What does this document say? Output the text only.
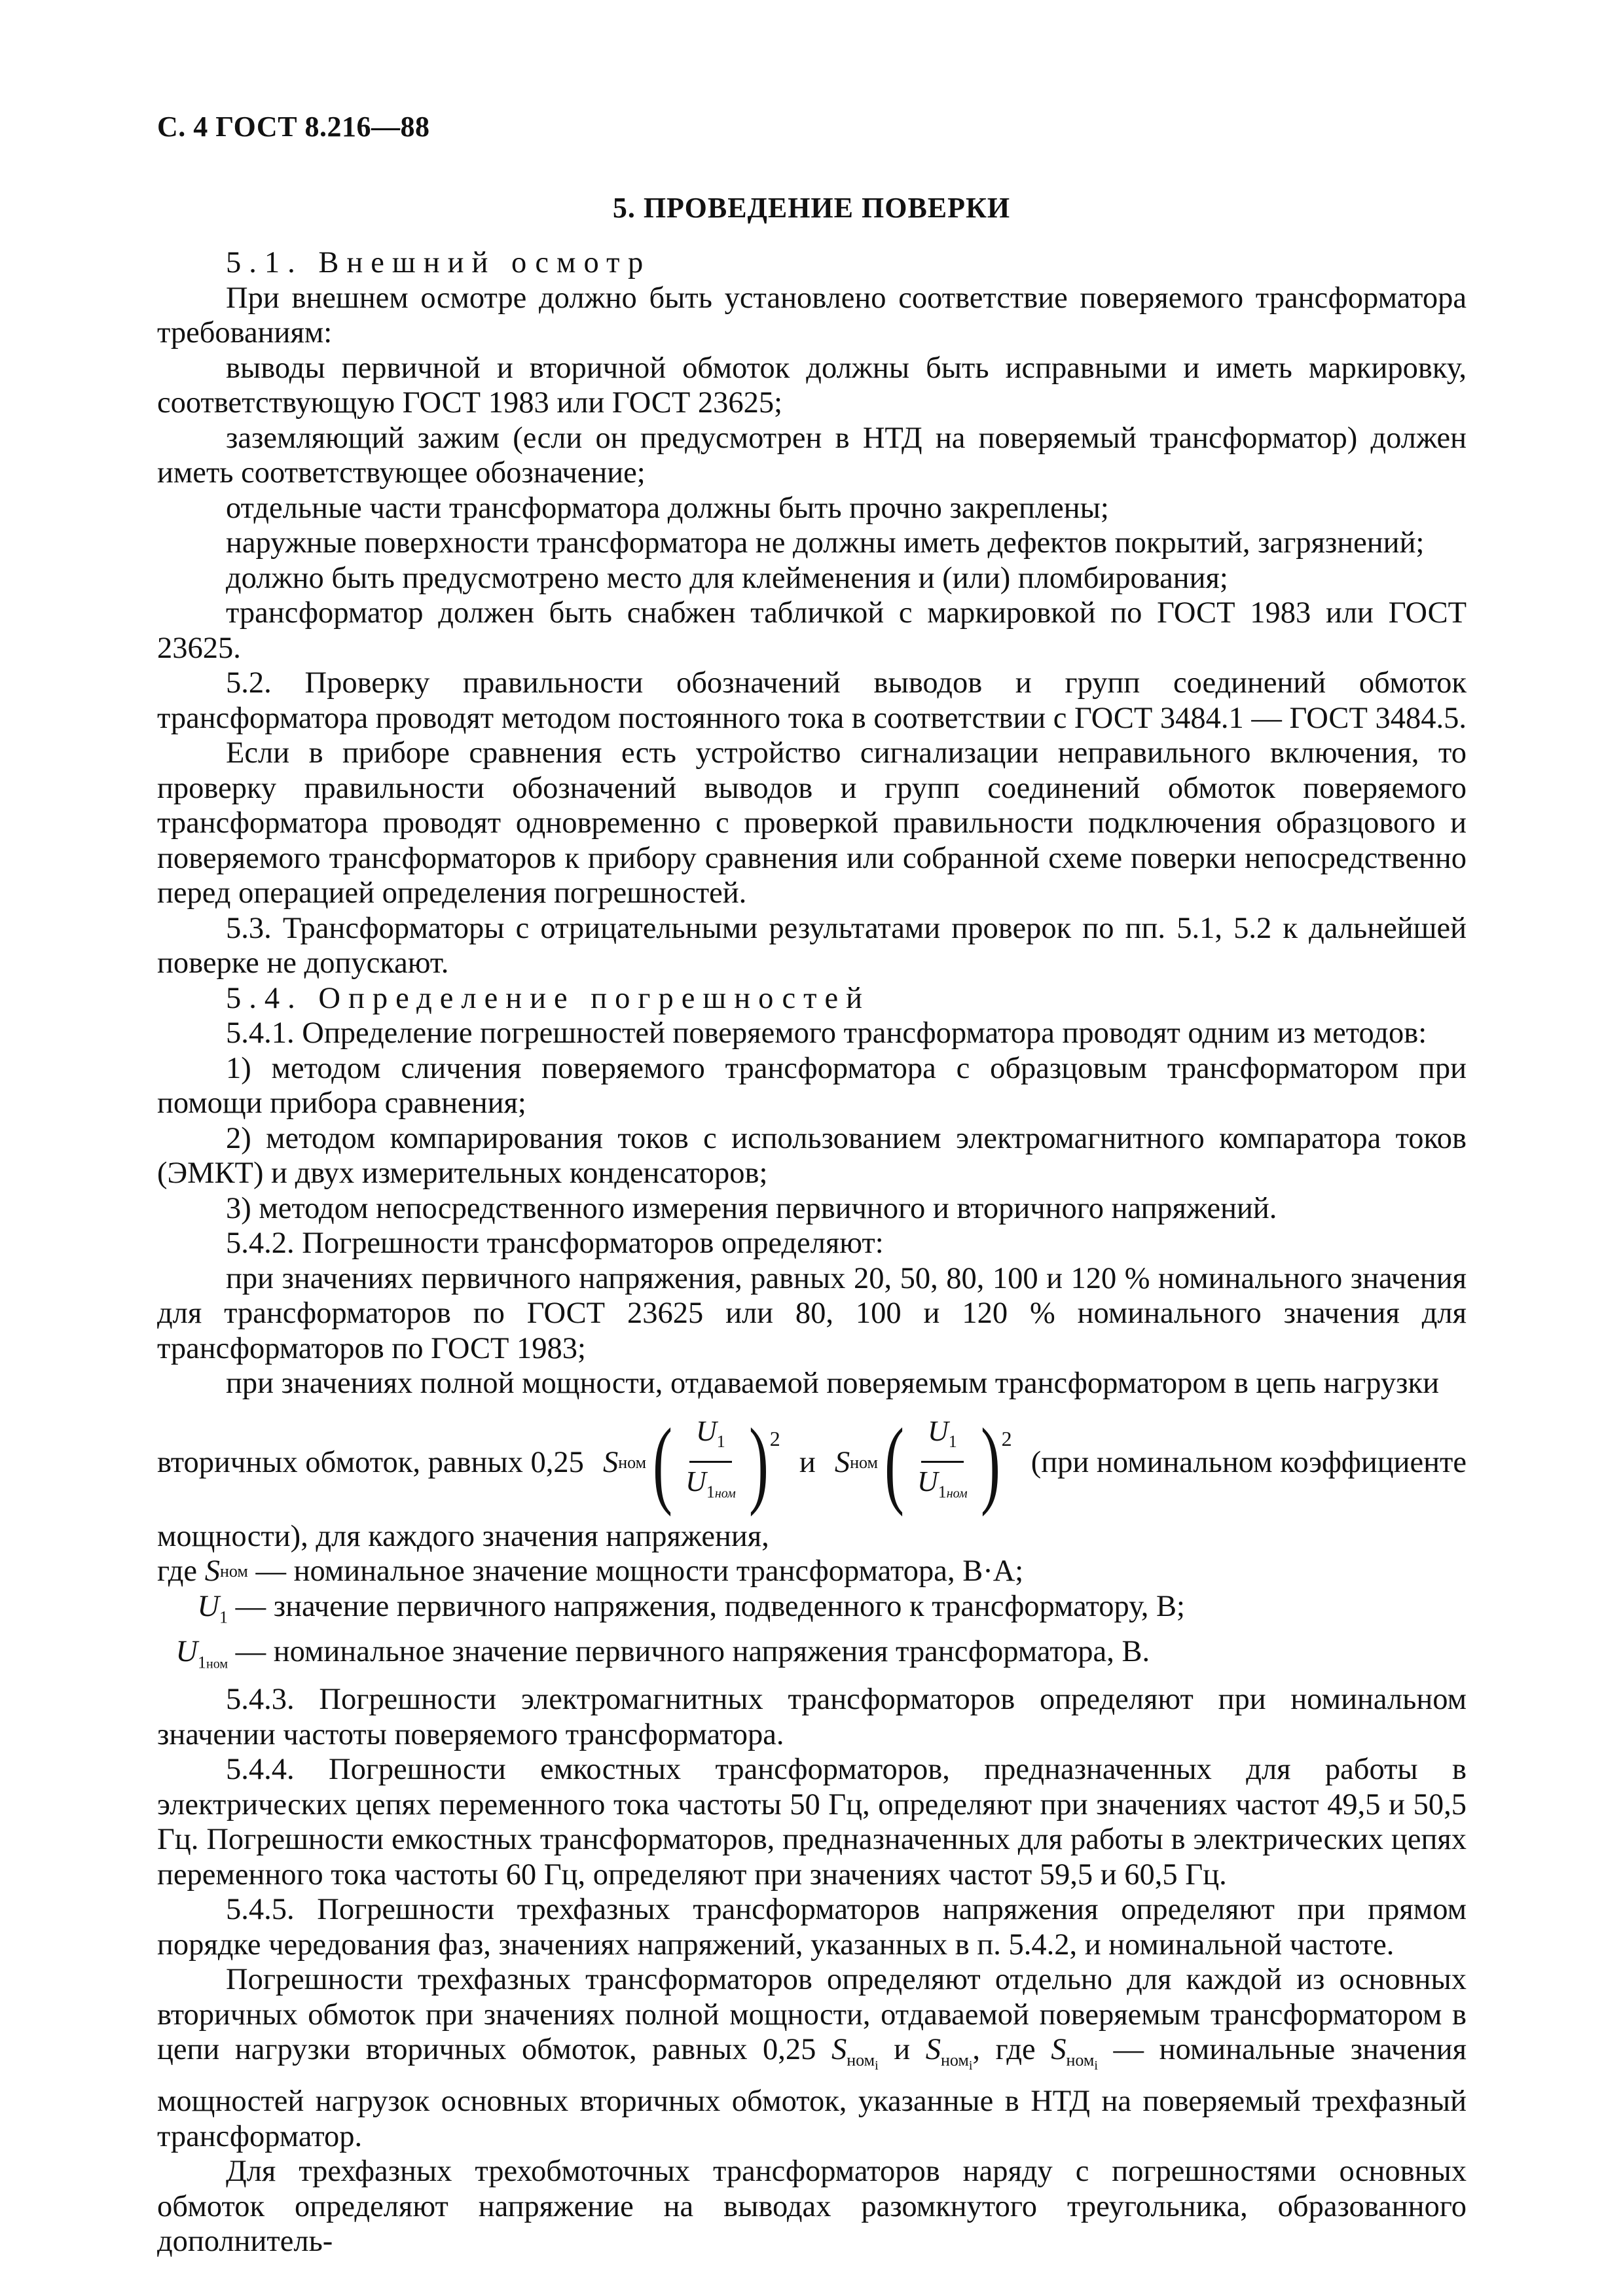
С. 4 ГОСТ 8.216—88
5. ПРОВЕДЕНИЕ ПОВЕРКИ

5.1. Внешний осмотр

При внешнем осмотре должно быть установлено соответствие поверяемого трансформатора требованиям:

выводы первичной и вторичной обмоток должны быть исправными и иметь маркировку, соответствующую ГОСТ 1983 или ГОСТ 23625;

заземляющий зажим (если он предусмотрен в НТД на поверяемый трансформатор) должен иметь соответствующее обозначение;

отдельные части трансформатора должны быть прочно закреплены;

наружные поверхности трансформатора не должны иметь дефектов покрытий, загрязнений;

должно быть предусмотрено место для клейменения и (или) пломбирования;

трансформатор должен быть снабжен табличкой с маркировкой по ГОСТ 1983 или ГОСТ 23625.

5.2. Проверку правильности обозначений выводов и групп соединений обмоток трансформатора проводят методом постоянного тока в соответствии с ГОСТ 3484.1 — ГОСТ 3484.5.

Если в приборе сравнения есть устройство сигнализации неправильного включения, то проверку правильности обозначений выводов и групп соединений обмоток поверяемого трансформатора проводят одновременно с проверкой правильности подключения образцового и поверяемого трансформаторов к прибору сравнения или собранной схеме поверки непосредственно перед операцией определения погрешностей.

5.3. Трансформаторы с отрицательными результатами проверок по пп. 5.1, 5.2 к дальнейшей поверке не допускают.

5.4. Определение погрешностей

5.4.1. Определение погрешностей поверяемого трансформатора проводят одним из методов:

1) методом сличения поверяемого трансформатора с образцовым трансформатором при помощи прибора сравнения;

2) методом компарирования токов с использованием электромагнитного компаратора токов (ЭМКТ) и двух измерительных конденсаторов;

3) методом непосредственного измерения первичного и вторичного напряжений.

5.4.2. Погрешности трансформаторов определяют:

при значениях первичного напряжения, равных 20, 50, 80, 100 и 120 % номинального значения для трансформаторов по ГОСТ 23625 или 80, 100 и 120 % номинального значения для трансформаторов по ГОСТ 1983;

при значениях полной мощности, отдаваемой поверяемым трансформатором в цепь нагрузки

вторичных обмоток, равных 0,25 S ном ( $\frac{U_1}{U_{1ном}}$ ) 2
и S ном ( $\frac{U_1}{U_{1ном}}$ ) 2
(при номинальном коэффициенте

мощности), для каждого значения напряжения,

где
S ном
— номинальное значение мощности трансформатора, В·А;
$U_1$
— значение первичного напряжения, подведенного к трансформатору, В;
$U_{1ном}$
— номинальное значение первичного напряжения трансформатора, В.

5.4.3. Погрешности электромагнитных трансформаторов определяют при номинальном значении частоты поверяемого трансформатора.

5.4.4. Погрешности емкостных трансформаторов, предназначенных для работы в электрических цепях переменного тока частоты 50 Гц, определяют при значениях частот 49,5 и 50,5 Гц. Погрешности емкостных трансформаторов, предназначенных для работы в электрических цепях переменного тока частоты 60 Гц, определяют при значениях частот 59,5 и 60,5 Гц.

5.4.5. Погрешности трехфазных трансформаторов напряжения определяют при прямом порядке чередования фаз, значениях напряжений, указанных в п. 5.4.2, и номинальной частоте.

Погрешности трехфазных трансформаторов определяют отдельно для каждой из основных вторичных обмоток при значениях полной мощности, отдаваемой поверяемым трансформатором в цепи нагрузки вторичных обмоток, равных 0,25 $S_{ном_i}$ и $S_{ном_i}$, где $S_{ном_i}$ — номинальные значения мощностей нагрузок основных вторичных обмоток, указанные в НТД на поверяемый трехфазный трансформатор.

Для трехфазных трехобмоточных трансформаторов наряду с погрешностями основных обмоток определяют напряжение на выводах разомкнутого треугольника, образованного дополнитель-
